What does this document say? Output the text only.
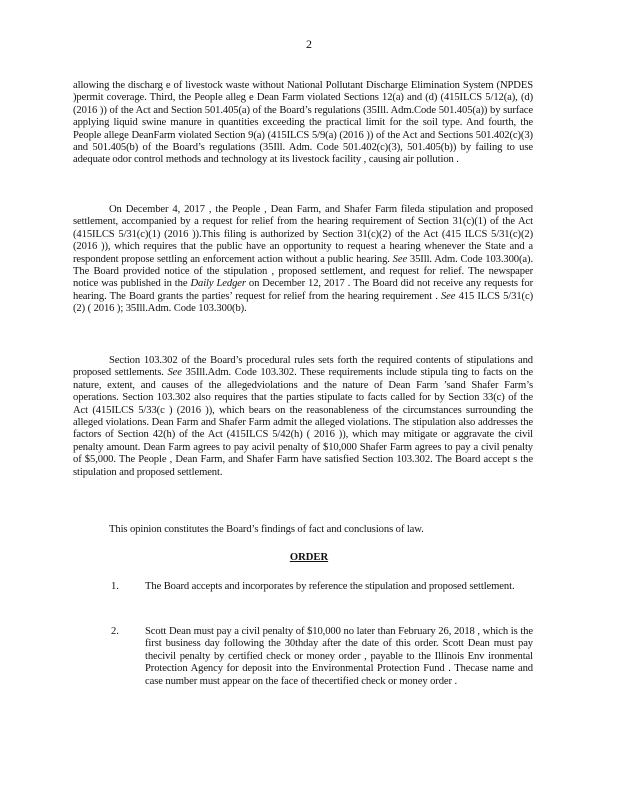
2

allowing the discharg e of livestock waste without National Pollutant Discharge Elimination System (NPDES )permit coverage. Third, the People alleg e Dean Farm violated Sections 12(a) and (d) (415ILCS 5/12(a), (d) (2016 )) of the Act and Section 501.405(a) of the Board’s regulations (35Ill. Adm.Code 501.405(a)) by surface applying liquid swine manure in quantities exceeding the practical limit for the soil type. And fourth, the People allege DeanFarm violated Section 9(a) (415ILCS 5/9(a) (2016 )) of the Act and Sections 501.402(c)(3) and 501.405(b) of the Board’s regulations (35Ill. Adm. Code 501.402(c)(3), 501.405(b)) by failing to use adequate odor control methods and technology at its livestock facility , causing air pollution .

On December 4, 2017 , the People , Dean Farm, and Shafer Farm fileda stipulation and proposed settlement, accompanied by a request for relief from the hearing requirement of Section 31(c)(1) of the Act (415ILCS 5/31(c)(1) (2016 )).This filing is authorized by Section 31(c)(2) of the Act (415 ILCS 5/31(c)(2) (2016 )), which requires that the public have an opportunity to request a hearing whenever the State and a respondent propose settling an enforcement action without a public hearing. See 35Ill. Adm. Code 103.300(a). The Board provided notice of the stipulation , proposed settlement, and request for relief. The newspaper notice was published in the Daily Ledger on December 12, 2017 . The Board did not receive any requests for hearing. The Board grants the parties’ request for relief from the hearing requirement . See 415 ILCS 5/31(c)(2) ( 2016 ); 35Ill.Adm. Code 103.300(b).

Section 103.302 of the Board’s procedural rules sets forth the required contents of stipulations and proposed settlements. See 35Ill.Adm. Code 103.302. These requirements include stipula ting to facts on the nature, extent, and causes of the allegedviolations and the nature of Dean Farm ’sand Shafer Farm’s operations. Section 103.302 also requires that the parties stipulate to facts called for by Section 33(c) of the Act (415ILCS 5/33(c ) (2016 )), which bears on the reasonableness of the circumstances surrounding the alleged violations. Dean Farm and Shafer Farm admit the alleged violations. The stipulation also addresses the factors of Section 42(h) of the Act (415ILCS 5/42(h) ( 2016 )), which may mitigate or aggravate the civil penalty amount. Dean Farm agrees to pay acivil penalty of $10,000 Shafer Farm agrees to pay a civil penalty of $5,000. The People , Dean Farm, and Shafer Farm have satisfied Section 103.302. The Board accept s the stipulation and proposed settlement.

This opinion constitutes the Board’s findings of fact and conclusions of law.

ORDER
1. The Board accepts and incorporates by reference the stipulation and proposed settlement.
2. Scott Dean must pay a civil penalty of $10,000 no later than February 26, 2018 , which is the first business day following the 30thday after the date of this order. Scott Dean must pay thecivil penalty by certified check or money order , payable to the Illinois Env ironmental Protection Agency for deposit into the Environmental Protection Fund . Thecase name and case number must appear on the face of thecertified check or money order .
